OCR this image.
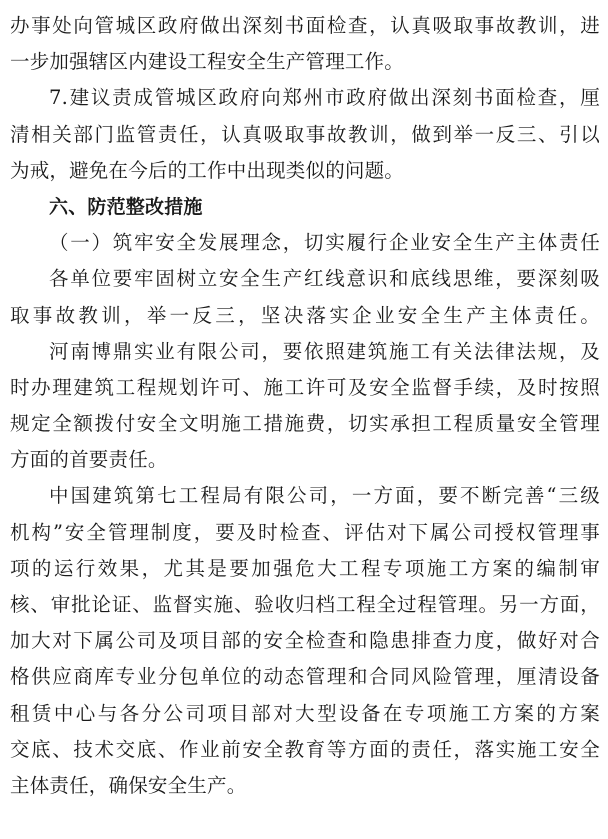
办事处向管城区政府做出深刻书面检查，认真吸取事故教训，进
一步加强辖区内建设工程安全生产管理工作。
7.建议责成管城区政府向郑州市政府做出深刻书面检查，厘
清相关部门监管责任，认真吸取事故教训，做到举一反三、引以
为戒，避免在今后的工作中出现类似的问题。
六、防范整改措施
（一）筑牢安全发展理念，切实履行企业安全生产主体责任
各单位要牢固树立安全生产红线意识和底线思维，要深刻吸
取事故教训，举一反三，坚决落实企业安全生产主体责任。
河南博鼎实业有限公司，要依照建筑施工有关法律法规，及
时办理建筑工程规划许可、施工许可及安全监督手续，及时按照
规定全额拨付安全文明施工措施费，切实承担工程质量安全管理
方面的首要责任。
中国建筑第七工程局有限公司，一方面，要不断完善“三级
机构”安全管理制度，要及时检查、评估对下属公司授权管理事
项的运行效果，尤其是要加强危大工程专项施工方案的编制审
核、审批论证、监督实施、验收归档工程全过程管理。另一方面，
加大对下属公司及项目部的安全检查和隐患排查力度，做好对合
格供应商库专业分包单位的动态管理和合同风险管理，厘清设备
租赁中心与各分公司项目部对大型设备在专项施工方案的方案
交底、技术交底、作业前安全教育等方面的责任，落实施工安全
主体责任，确保安全生产。
